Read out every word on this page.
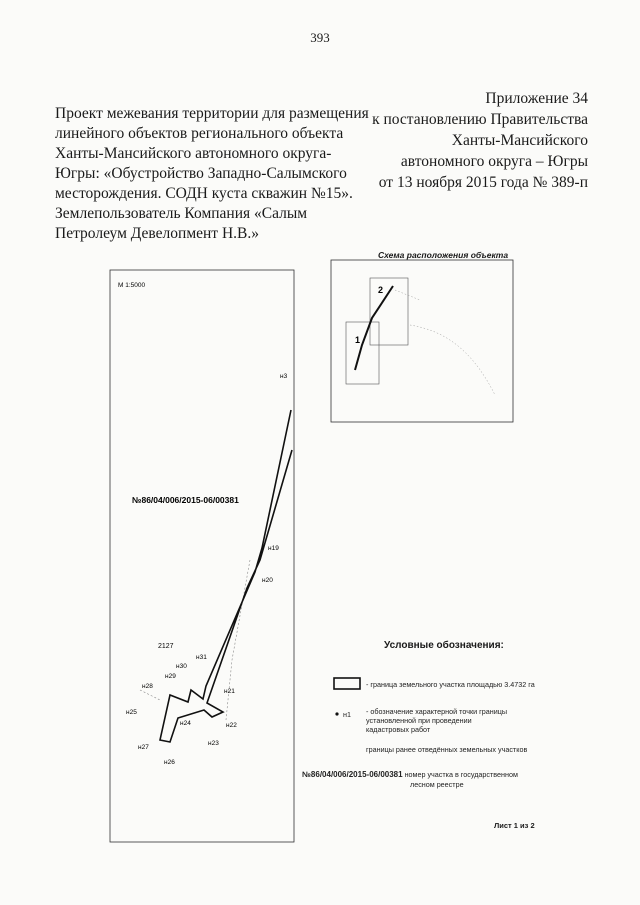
393
Приложение 34
к постановлению Правительства
Ханты-Мансийского
автономного округа – Югры
от 13 ноября 2015 года № 389-п
Проект межевания территории для размещения
линейного объектов регионального объекта
Ханты-Мансийского автономного округа-
Югры: «Обустройство Западно-Салымского
месторождения. СОДН куста скважин №15».
Землепользователь Компания «Салым
Петролеум Девелопмент Н.В.»
М 1:5000
н3
н19
н20
н31
н30
н29
н28
н21
н25
н24	н22
н27
н23
н26
2127
№86/04/006/2015-06/00381
Схема расположения объекта
1
2
Условные обозначения:
- граница земельного участка площадью 3.4732 га
н1 - обозначение характерной точки границы
установленной при проведении
кадастровых работ
границы ранее отведённых земельных участков
№86/04/006/2015-06/00381 номер участка в государственном
лесном реестре
Лист 1 из 2
